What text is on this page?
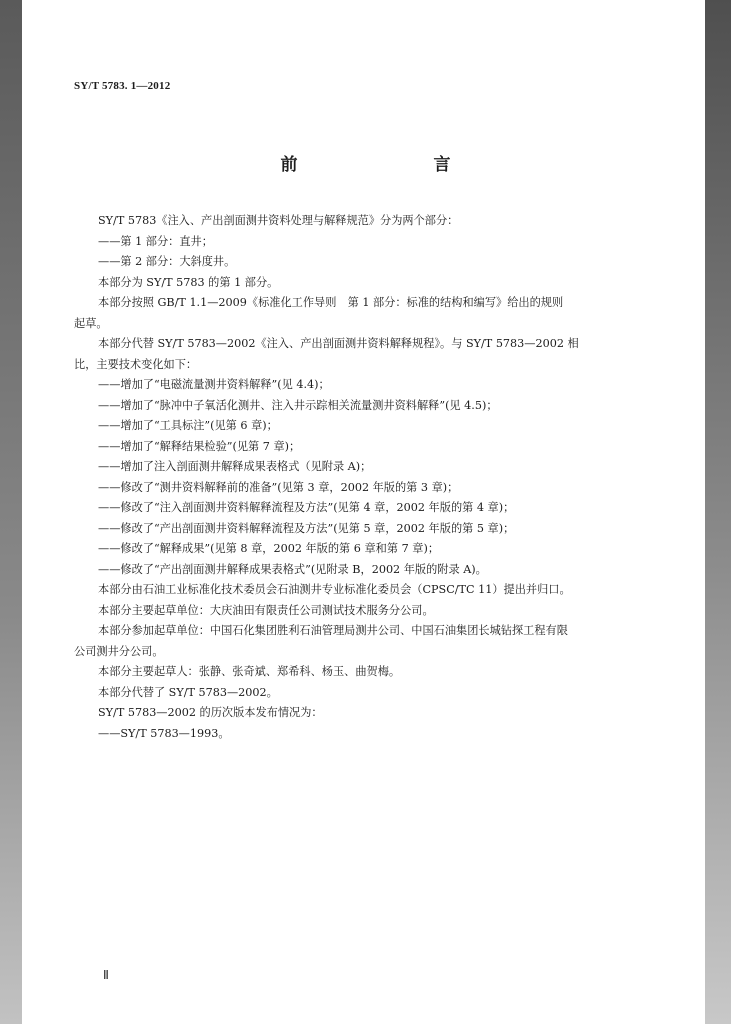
SY/T 5783. 1—2012
前　　言
SY/T 5783《注入、产出剖面测井资料处理与解释规范》分为两个部分：
——第 1 部分：直井；
——第 2 部分：大斜度井。
本部分为 SY/T 5783 的第 1 部分。
本部分按照 GB/T 1.1—2009《标准化工作导则　第 1 部分：标准的结构和编写》给出的规则
起草。
本部分代替 SY/T 5783—2002《注入、产出剖面测井资料解释规程》。与 SY/T 5783—2002 相
比，主要技术变化如下：
——增加了“电磁流量测井资料解释”(见 4.4)；
——增加了“脉冲中子氧活化测井、注入井示踪相关流量测井资料解释”(见 4.5)；
——增加了“工具标注”(见第 6 章)；
——增加了“解释结果检验”(见第 7 章)；
——增加了注入剖面测井解释成果表格式（见附录 A)；
——修改了“测井资料解释前的准备”(见第 3 章，2002 年版的第 3 章)；
——修改了“注入剖面测井资料解释流程及方法”(见第 4 章，2002 年版的第 4 章)；
——修改了“产出剖面测井资料解释流程及方法”(见第 5 章，2002 年版的第 5 章)；
——修改了“解释成果”(见第 8 章，2002 年版的第 6 章和第 7 章)；
——修改了“产出剖面测井解释成果表格式”(见附录 B，2002 年版的附录 A)。
本部分由石油工业标准化技术委员会石油测井专业标准化委员会（CPSC/TC 11）提出并归口。
本部分主要起草单位：大庆油田有限责任公司测试技术服务分公司。
本部分参加起草单位：中国石化集团胜利石油管理局测井公司、中国石油集团长城钻探工程有限
公司测井分公司。
本部分主要起草人：张静、张奇斌、郑希科、杨玉、曲贺梅。
本部分代替了 SY/T 5783—2002。
SY/T 5783—2002 的历次版本发布情况为：
——SY/T 5783—1993。
Ⅱ
